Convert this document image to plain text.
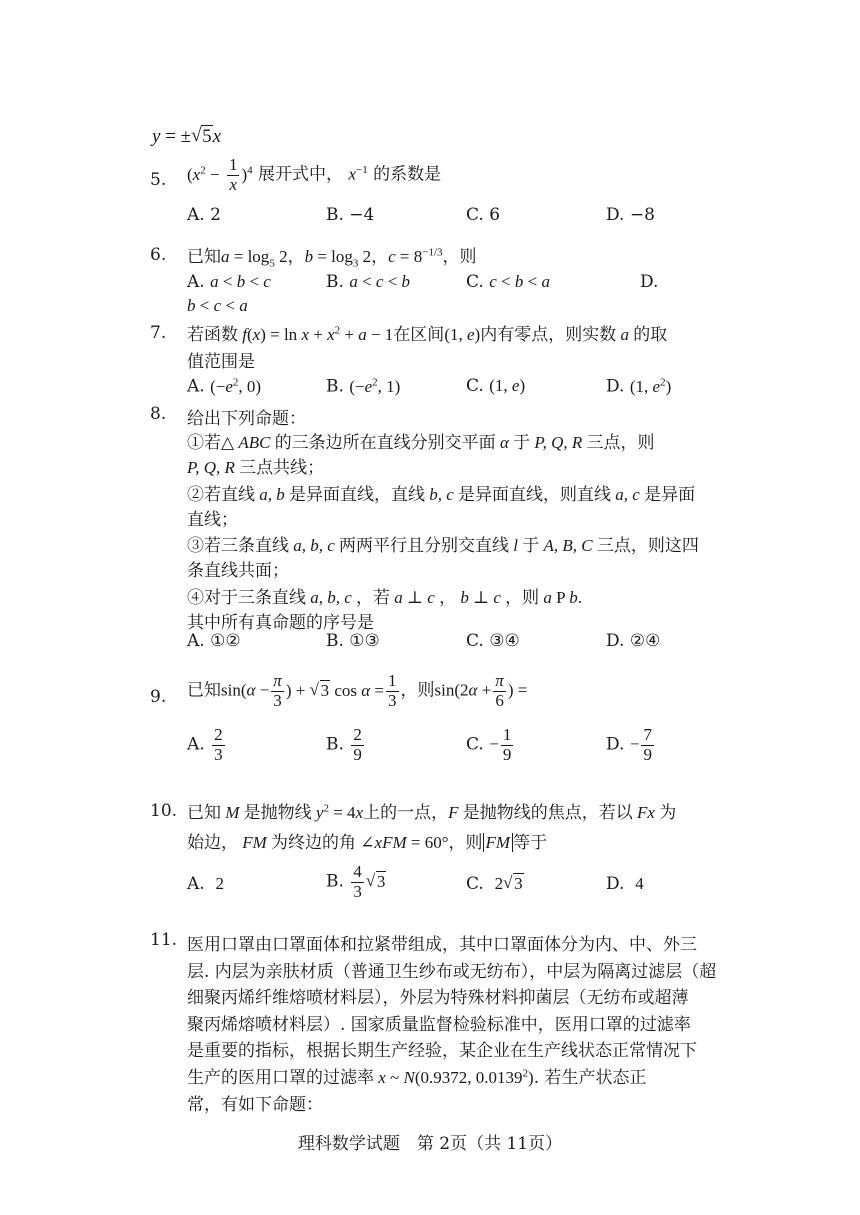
y = ± √ 5x
5. $(x^2 - \frac{1}{x} )^4$ 展开式中， $x^{-1}$ 的系数是
A. 2	B. −4	C. 6	D. −8
6. 已知$a = \log_5 2$，$b = \log_3 2$，$c = 8^{-1/3}$，则
A. a < b < c	B. a < c < b	C. c < b < a	D.
b < c < a
7. 若函数 $f(x) = \ln x + x^2 + a - 1$在区间(1, e)内有零点，则实数 a 的取
值范围是
A. ($-e^2$, 0)	B. ($-e^2$, 1)	C. (1, e)	D. (1, $e^2$)
8. 给出下列命题：
①若△ ABC 的三条边所在直线分别交平面 α 于 P, Q, R 三点，则
P, Q, R 三点共线；
②若直线 a, b 是异面直线，直线 b, c 是异面直线，则直线 a, c 是异面
直线；
③若三条直线 a, b, c 两两平行且分别交直线 l 于 A, B, C 三点，则这四
条直线共面；
④对于三条直线 a, b, c ，若 a ⊥ c ， b ⊥ c ，则 a P b.
其中所有真命题的序号是
A. ①②	B. ①③	C. ③④	D. ②④
9. 已知$\sin(\alpha - \frac{\pi}{3}$ ) + √ 3 $\cos \alpha = \frac{1}{3}$ ，则$\sin(2\alpha + \frac{\pi}{6}$ ) =
A. $\frac{2}{3}$	B. $\frac{2}{9}$	C. − $\frac{1}{9}$	D. − $\frac{7}{9}$
10. 已知 M 是抛物线 $y^2 = 4x$上的一点，F 是抛物线的焦点，若以 Fx 为
始边， FM 为终边的角 ∠xFM = 60°，则 FM 等于
A. 2	B. $\frac{4}{3}$ √ 3	C. 2 √ 3	D. 4
11. 医用口罩由口罩面体和拉紧带组成，其中口罩面体分为内、中、外三
层. 内层为亲肤材质（普通卫生纱布或无纺布），中层为隔离过滤层（超
细聚丙烯纤维熔喷材料层），外层为特殊材料抑菌层（无纺布或超薄
聚丙烯熔喷材料层）. 国家质量监督检验标准中，医用口罩的过滤率
是重要的指标，根据长期生产经验，某企业在生产线状态正常情况下
生产的医用口罩的过滤率 x ~ N(0.9372, 0.0139$^2$). 若生产状态正
常，有如下命题：
理科数学试题　第 2页（共 11页）
